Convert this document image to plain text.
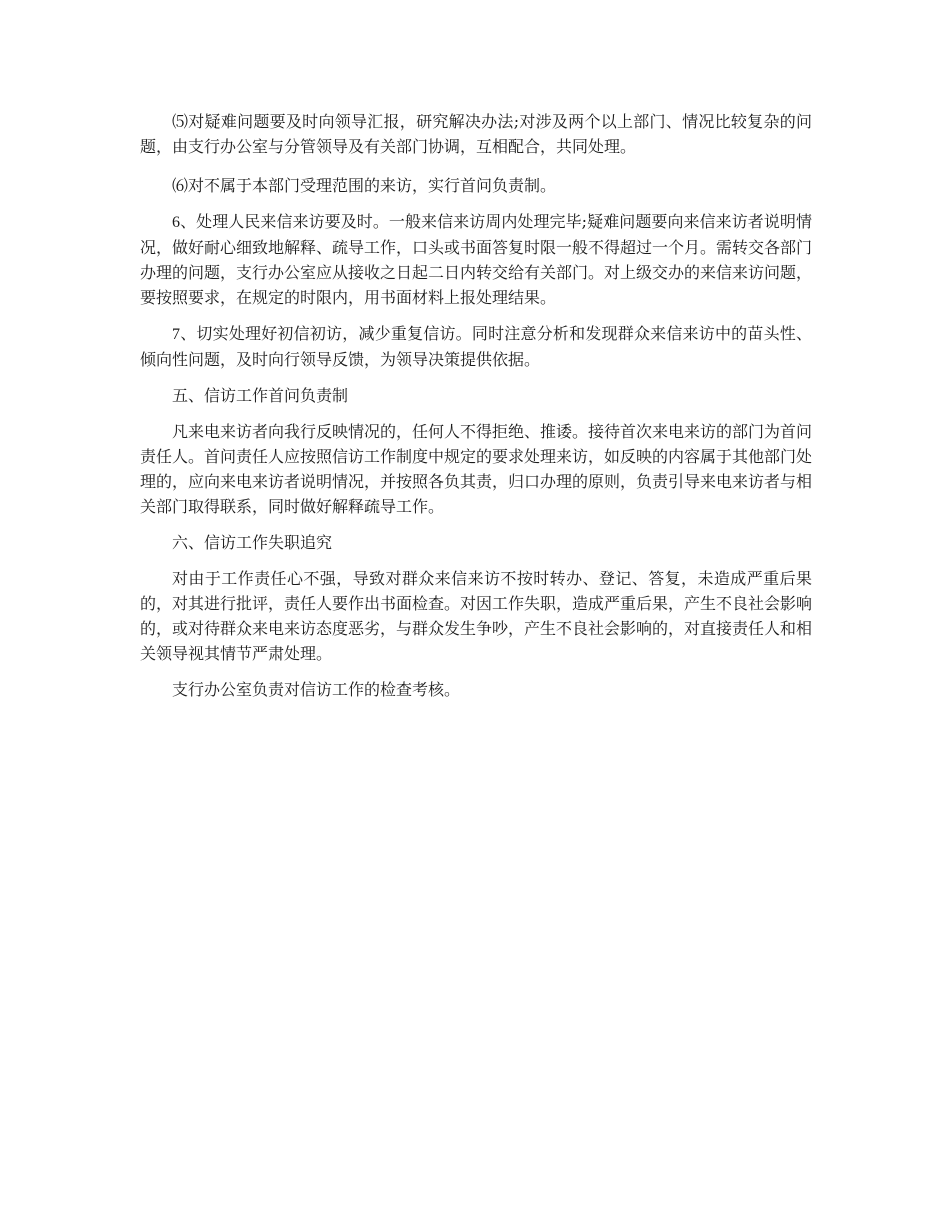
⑸对疑难问题要及时向领导汇报，研究解决办法;对涉及两个以上部门、情况比较复杂的问题，由支行办公室与分管领导及有关部门协调，互相配合，共同处理。

⑹对不属于本部门受理范围的来访，实行首问负责制。

6、处理人民来信来访要及时。一般来信来访周内处理完毕;疑难问题要向来信来访者说明情况，做好耐心细致地解释、疏导工作，口头或书面答复时限一般不得超过一个月。需转交各部门办理的问题，支行办公室应从接收之日起二日内转交给有关部门。对上级交办的来信来访问题，要按照要求，在规定的时限内，用书面材料上报处理结果。

7、切实处理好初信初访，减少重复信访。同时注意分析和发现群众来信来访中的苗头性、倾向性问题，及时向行领导反馈，为领导决策提供依据。

五、信访工作首问负责制

凡来电来访者向我行反映情况的，任何人不得拒绝、推诿。接待首次来电来访的部门为首问责任人。首问责任人应按照信访工作制度中规定的要求处理来访，如反映的内容属于其他部门处理的，应向来电来访者说明情况，并按照各负其责，归口办理的原则，负责引导来电来访者与相关部门取得联系，同时做好解释疏导工作。

六、信访工作失职追究

对由于工作责任心不强，导致对群众来信来访不按时转办、登记、答复，未造成严重后果的，对其进行批评，责任人要作出书面检查。对因工作失职，造成严重后果，产生不良社会影响的，或对待群众来电来访态度恶劣，与群众发生争吵，产生不良社会影响的，对直接责任人和相关领导视其情节严肃处理。

支行办公室负责对信访工作的检查考核。
